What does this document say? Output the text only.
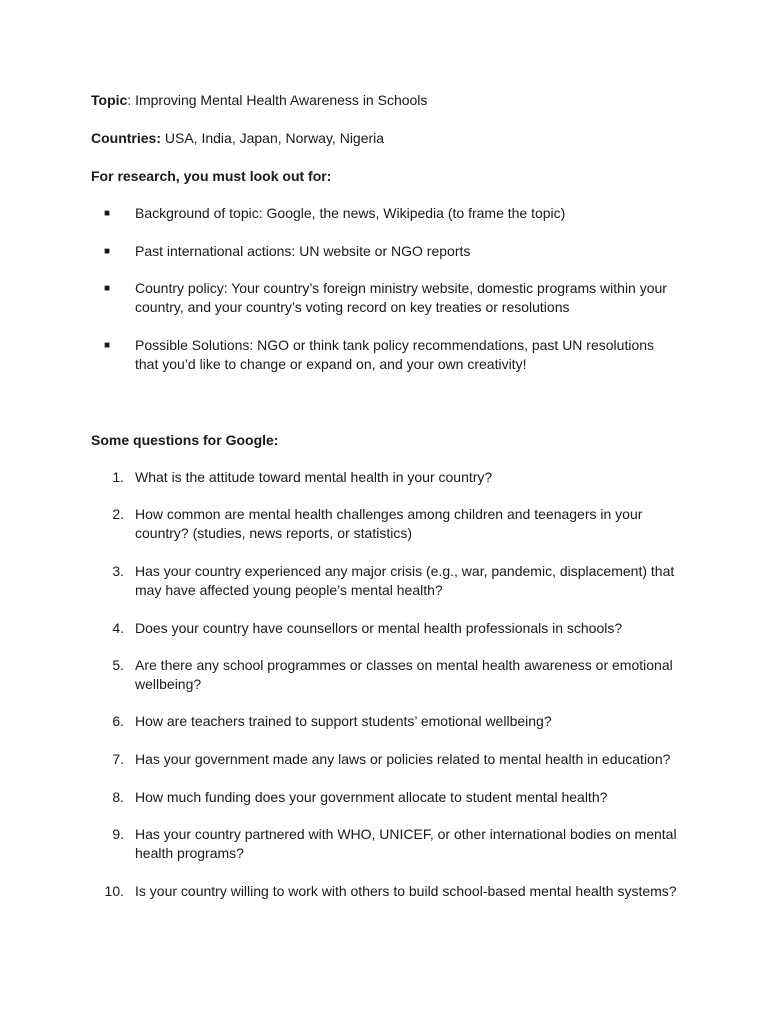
Topic: Improving Mental Health Awareness in Schools
Countries: USA, India, Japan, Norway, Nigeria
For research, you must look out for:
■ Background of topic: Google, the news, Wikipedia (to frame the topic)
■ Past international actions: UN website or NGO reports
■ Country policy: Your country’s foreign ministry website, domestic programs within your country, and your country’s voting record on key treaties or resolutions
■ Possible Solutions: NGO or think tank policy recommendations, past UN resolutions that you’d like to change or expand on, and your own creativity!
Some questions for Google:
1. What is the attitude toward mental health in your country?
2. How common are mental health challenges among children and teenagers in your country? (studies, news reports, or statistics)
3. Has your country experienced any major crisis (e.g., war, pandemic, displacement) that may have affected young people’s mental health?
4. Does your country have counsellors or mental health professionals in schools?
5. Are there any school programmes or classes on mental health awareness or emotional wellbeing?
6. How are teachers trained to support students’ emotional wellbeing?
7. Has your government made any laws or policies related to mental health in education?
8. How much funding does your government allocate to student mental health?
9. Has your country partnered with WHO, UNICEF, or other international bodies on mental health programs?
10. Is your country willing to work with others to build school-based mental health systems?
